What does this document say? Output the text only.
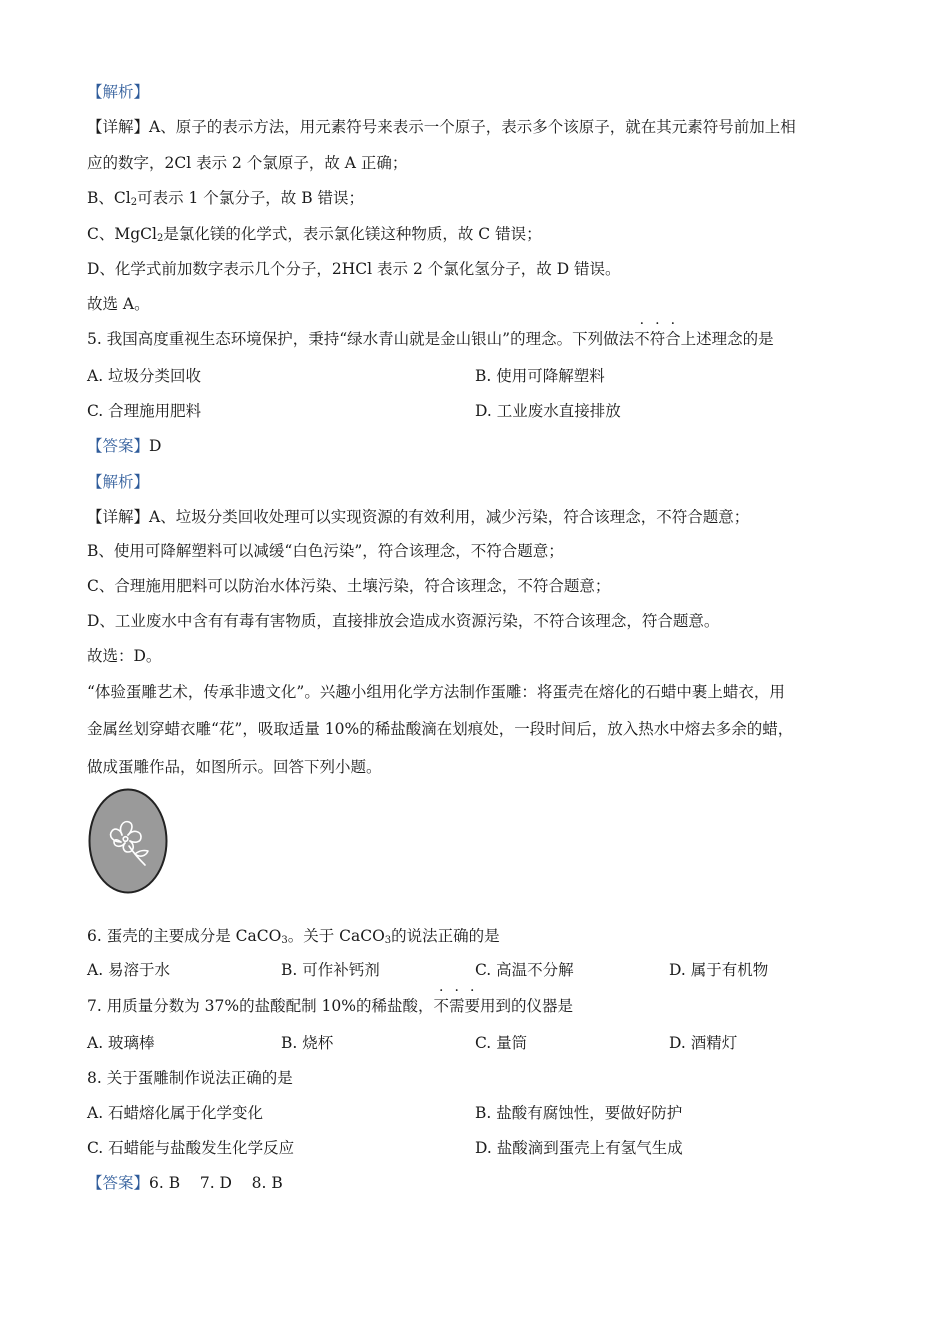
【解析】
【详解】A、原子的表示方法，用元素符号来表示一个原子，表示多个该原子，就在其元素符号前加上相
应的数字，2Cl 表示 2 个氯原子，故 A 正确；
B、$Cl_2$可表示 1 个氯分子，故 B 错误；
C、MgCl$_2$是氯化镁的化学式，表示氯化镁这种物质，故 C 错误；
D、化学式前加数字表示几个分子，2HCl 表示 2 个氯化氢分子，故 D 错误。
故选 A。
5. 我国高度重视生态环境保护，秉持“绿水青山就是金山银山”的理念。下列做法不符合上述理念的是
A. 垃圾分类回收	B. 使用可降解塑料
C. 合理施用肥料	D. 工业废水直接排放
【答案】D
【解析】
【详解】A、垃圾分类回收处理可以实现资源的有效利用，减少污染，符合该理念，不符合题意；
B、使用可降解塑料可以减缓“白色污染”，符合该理念，不符合题意；
C、合理施用肥料可以防治水体污染、土壤污染，符合该理念，不符合题意；
D、工业废水中含有有毒有害物质，直接排放会造成水资源污染，不符合该理念，符合题意。
故选：D。
“体验蛋雕艺术，传承非遗文化”。兴趣小组用化学方法制作蛋雕：将蛋壳在熔化的石蜡中裹上蜡衣，用
金属丝划穿蜡衣雕“花”，吸取适量 10%的稀盐酸滴在划痕处，一段时间后，放入热水中熔去多余的蜡，
做成蛋雕作品，如图所示。回答下列小题。
6. 蛋壳的主要成分是 CaCO$_3$。关于 CaCO$_3$的说法正确的是
A. 易溶于水	B. 可作补钙剂	C. 高温不分解	D. 属于有机物
7. 用质量分数为 37%的盐酸配制 10%的稀盐酸，不需要用到的仪器是
A. 玻璃棒	B. 烧杯	C. 量筒	D. 酒精灯
8. 关于蛋雕制作说法正确的是
A. 石蜡熔化属于化学变化	B. 盐酸有腐蚀性，要做好防护
C. 石蜡能与盐酸发生化学反应	D. 盐酸滴到蛋壳上有氢气生成
【答案】6. B    7. D    8. B
